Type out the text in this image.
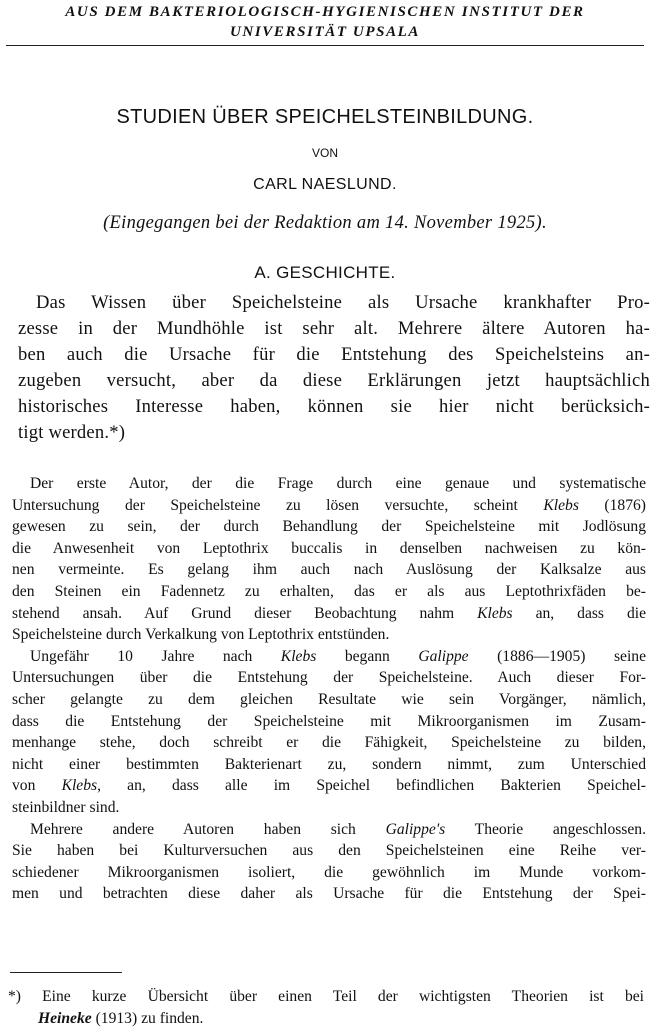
AUS DEM BAKTERIOLOGISCH-HYGIENISCHEN INSTITUT DER
UNIVERSITÄT UPSALA
STUDIEN ÜBER SPEICHELSTEINBILDUNG.
VON
CARL NAESLUND.
(Eingegangen bei der Redaktion am 14. November 1925).
A. GESCHICHTE.
Das Wissen über Speichelsteine als Ursache krankhafter Pro-
zesse in der Mundhöhle ist sehr alt. Mehrere ältere Autoren ha-
ben auch die Ursache für die Entstehung des Speichelsteins an-
zugeben versucht, aber da diese Erklärungen jetzt hauptsächlich
historisches Interesse haben, können sie hier nicht berücksich-
tigt werden.*)
Der erste Autor, der die Frage durch eine genaue und systematische
Untersuchung der Speichelsteine zu lösen versuchte, scheint Klebs (1876)
gewesen zu sein, der durch Behandlung der Speichelsteine mit Jodlösung
die Anwesenheit von Leptothrix buccalis in denselben nachweisen zu kön-
nen vermeinte. Es gelang ihm auch nach Auslösung der Kalksalze aus
den Steinen ein Fadennetz zu erhalten, das er als aus Leptothrixfäden be-
stehend ansah. Auf Grund dieser Beobachtung nahm Klebs an, dass die
Speichelsteine durch Verkalkung von Leptothrix entstünden.
Ungefähr 10 Jahre nach Klebs begann Galippe (1886—1905) seine
Untersuchungen über die Entstehung der Speichelsteine. Auch dieser For-
scher gelangte zu dem gleichen Resultate wie sein Vorgänger, nämlich,
dass die Entstehung der Speichelsteine mit Mikroorganismen im Zusam-
menhange stehe, doch schreibt er die Fähigkeit, Speichelsteine zu bilden,
nicht einer bestimmten Bakterienart zu, sondern nimmt, zum Unterschied
von Klebs, an, dass alle im Speichel befindlichen Bakterien Speichel-
steinbildner sind.
Mehrere andere Autoren haben sich Galippe's Theorie angeschlossen.
Sie haben bei Kulturversuchen aus den Speichelsteinen eine Reihe ver-
schiedener Mikroorganismen isoliert, die gewöhnlich im Munde vorkom-
men und betrachten diese daher als Ursache für die Entstehung der Spei-
*) Eine kurze Übersicht über einen Teil der wichtigsten Theorien ist bei
Heineke (1913) zu finden.
